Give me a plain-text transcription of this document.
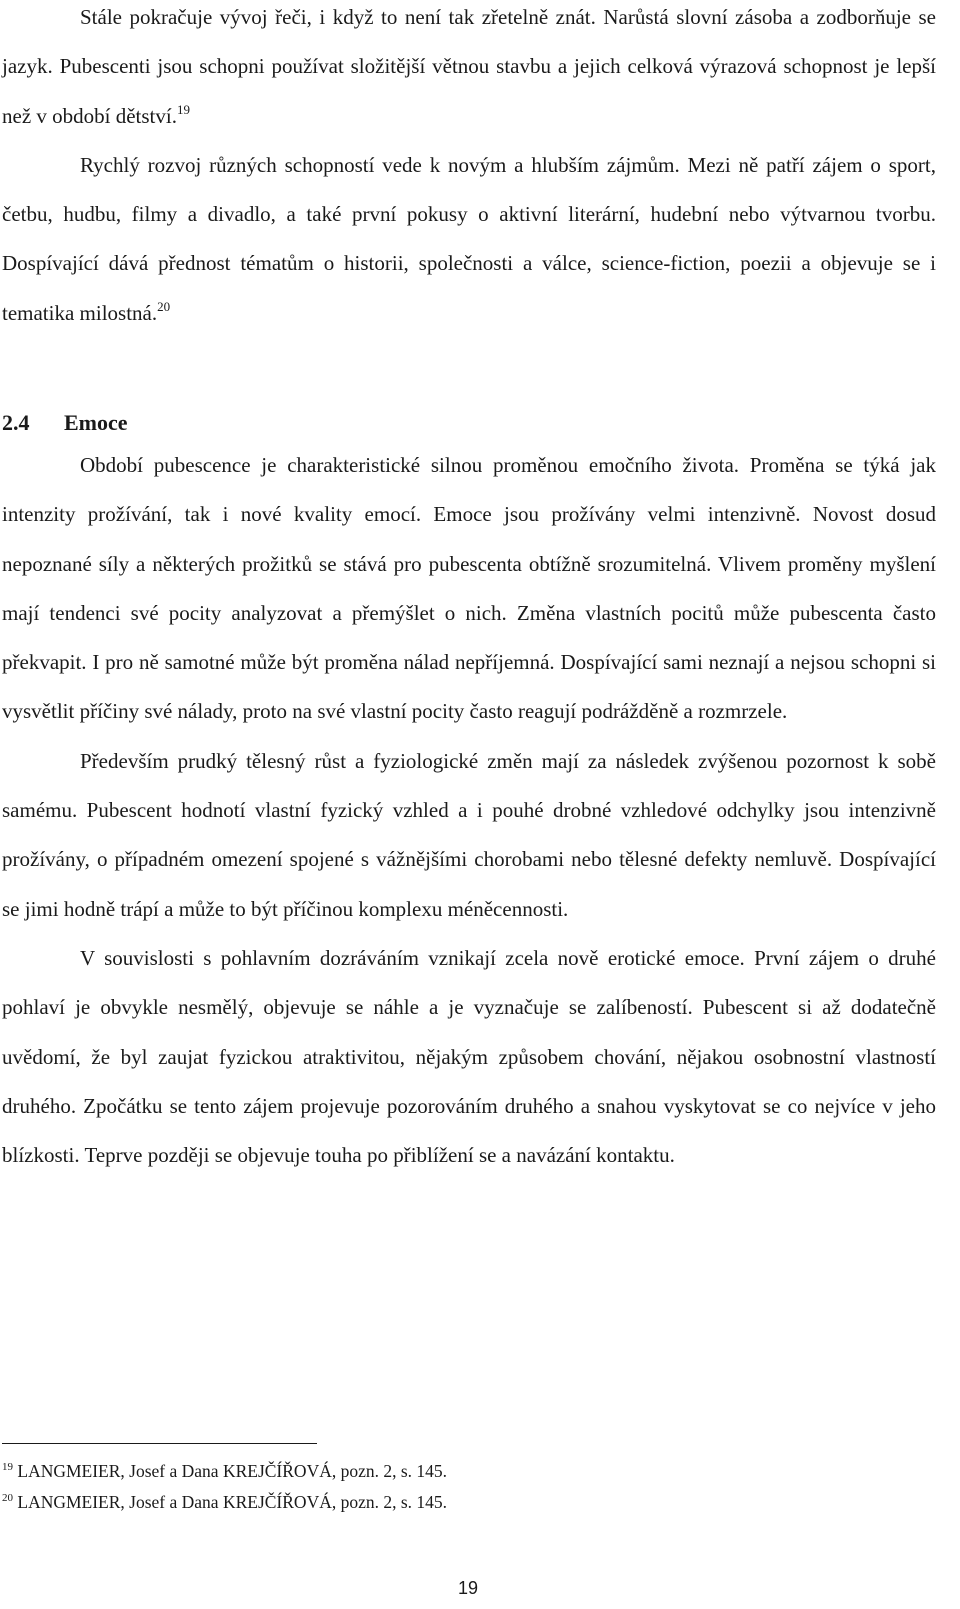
Stále pokračuje vývoj řeči, i když to není tak zřetelně znát. Narůstá slovní zásoba a zodborňuje se jazyk. Pubescenti jsou schopni používat složitější větnou stavbu a jejich celková výrazová schopnost je lepší než v období dětství.$^{19}$

Rychlý rozvoj různých schopností vede k novým a hlubším zájmům. Mezi ně patří zájem o sport, četbu, hudbu, filmy a divadlo, a také první pokusy o aktivní literární, hudební nebo výtvarnou tvorbu. Dospívající dává přednost tématům o historii, společnosti a válce, science-fiction, poezii a objevuje se i tematika milostná.$^{20}$

2.4 Emoce

Období pubescence je charakteristické silnou proměnou emočního života. Proměna se týká jak intenzity prožívání, tak i nové kvality emocí. Emoce jsou prožívány velmi intenzivně. Novost dosud nepoznané síly a některých prožitků se stává pro pubescenta obtížně srozumitelná. Vlivem proměny myšlení mají tendenci své pocity analyzovat a přemýšlet o nich. Změna vlastních pocitů může pubescenta často překvapit. I pro ně samotné může být proměna nálad nepříjemná. Dospívající sami neznají a nejsou schopni si vysvětlit příčiny své nálady, proto na své vlastní pocity často reagují podrážděně a rozmrzele.

Především prudký tělesný růst a fyziologické změn mají za následek zvýšenou pozornost k sobě samému. Pubescent hodnotí vlastní fyzický vzhled a i pouhé drobné vzhledové odchylky jsou intenzivně prožívány, o případném omezení spojené s vážnějšími chorobami nebo tělesné defekty nemluvě. Dospívající se jimi hodně trápí a může to být příčinou komplexu méněcennosti.

V souvislosti s pohlavním dozráváním vznikají zcela nově erotické emoce. První zájem o druhé pohlaví je obvykle nesmělý, objevuje se náhle a je vyznačuje se zalíbeností. Pubescent si až dodatečně uvědomí, že byl zaujat fyzickou atraktivitou, nějakým způsobem chování, nějakou osobnostní vlastností druhého. Zpočátku se tento zájem projevuje pozorováním druhého a snahou vyskytovat se co nejvíce v jeho blízkosti. Teprve později se objevuje touha po přiblížení se a navázání kontaktu.

$^{19}$ LANGMEIER, Josef a Dana KREJČÍŘOVÁ, pozn. 2, s. 145.

$^{20}$ LANGMEIER, Josef a Dana KREJČÍŘOVÁ, pozn. 2, s. 145.

19
